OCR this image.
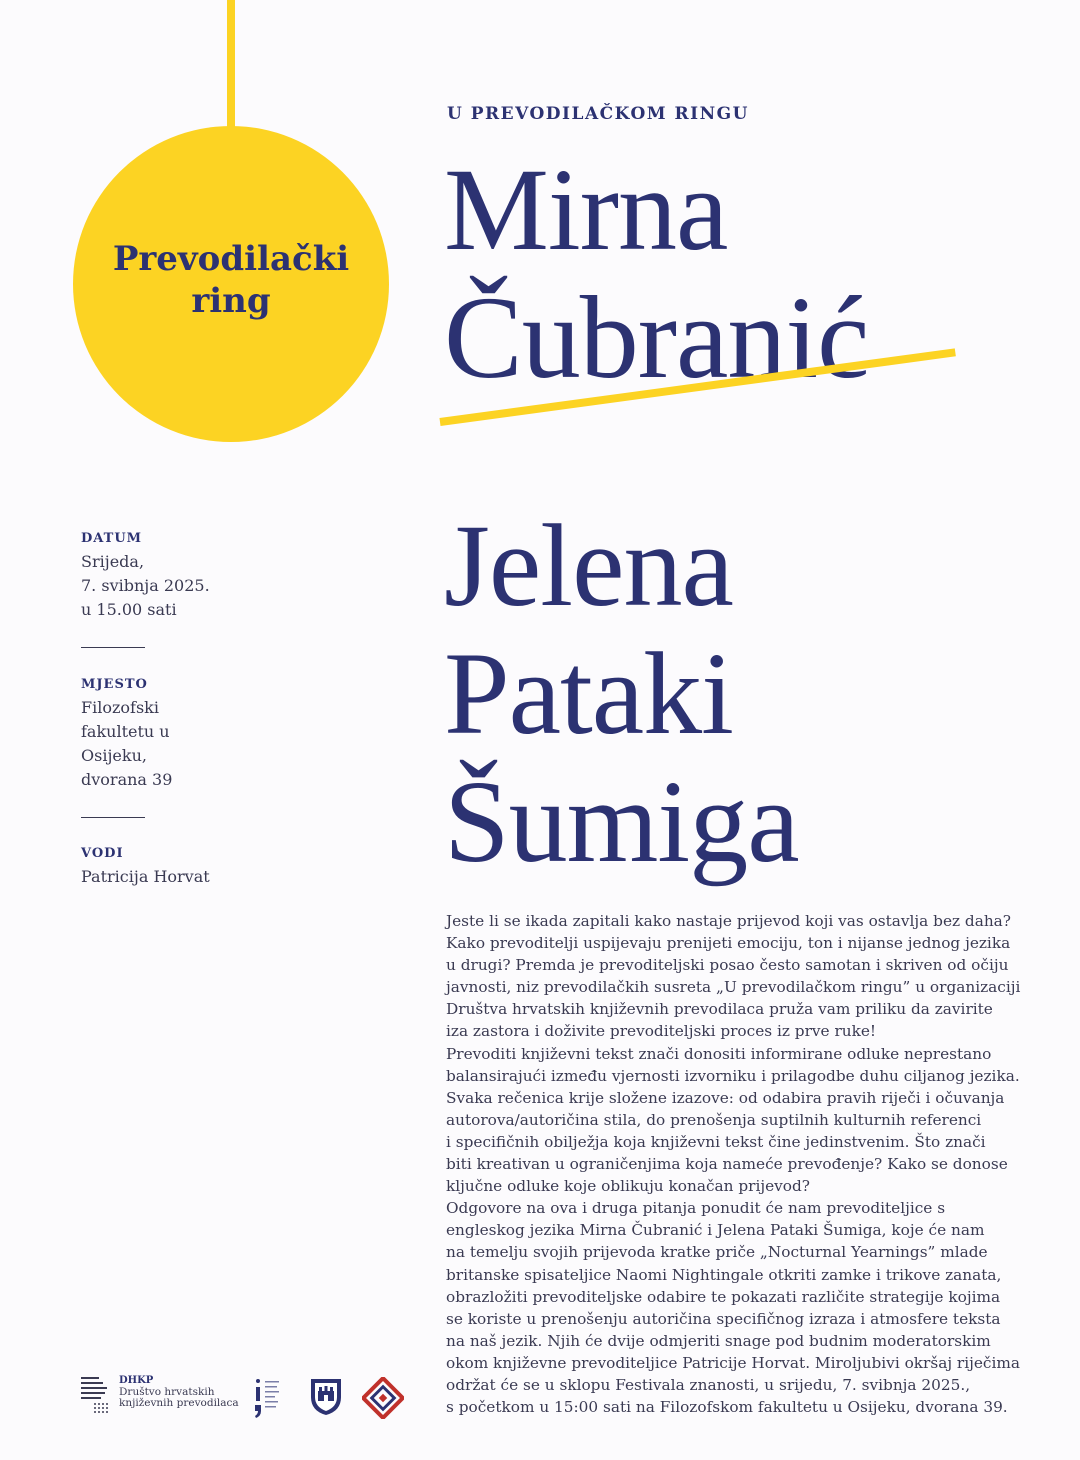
Prevodilački
ring
U PREVODILAČKOM RINGU
Mirna
Čubranić
Jelena
Pataki
Šumiga
DATUM
Srijeda,
7. svibnja 2025.
u 15.00 sati
MJESTO
Filozofski
fakultetu u
Osijeku,
dvorana 39
VODI
Patricija Horvat
Jeste li se ikada zapitali kako nastaje prijevod koji vas ostavlja bez daha?
Kako prevoditelji uspijevaju prenijeti emociju, ton i nijanse jednog jezika
u drugi? Premda je prevoditeljski posao često samotan i skriven od očiju
javnosti, niz prevodilačkih susreta „U prevodilačkom ringu” u organizaciji
Društva hrvatskih književnih prevodilaca pruža vam priliku da zavirite
iza zastora i doživite prevoditeljski proces iz prve ruke!
Prevoditi književni tekst znači donositi informirane odluke neprestano
balansirajući između vjernosti izvorniku i prilagodbe duhu ciljanog jezika.
Svaka rečenica krije složene izazove: od odabira pravih riječi i očuvanja
autorova/autoričina stila, do prenošenja suptilnih kulturnih referenci
i specifičnih obilježja koja književni tekst čine jedinstvenim. Što znači
biti kreativan u ograničenjima koja nameće prevođenje? Kako se donose
ključne odluke koje oblikuju konačan prijevod?
Odgovore na ova i druga pitanja ponudit će nam prevoditeljice s
engleskog jezika Mirna Čubranić i Jelena Pataki Šumiga, koje će nam
na temelju svojih prijevoda kratke priče „Nocturnal Yearnings” mlade
britanske spisateljice Naomi Nightingale otkriti zamke i trikove zanata,
obrazložiti prevoditeljske odabire te pokazati različite strategije kojima
se koriste u prenošenju autoričina specifičnog izraza i atmosfere teksta
na naš jezik. Njih će dvije odmjeriti snage pod budnim moderatorskim
okom književne prevoditeljice Patricije Horvat. Miroljubivi okršaj riječima
održat će se u sklopu Festivala znanosti, u srijedu, 7. svibnja 2025.,
s početkom u 15:00 sati na Filozofskom fakultetu u Osijeku, dvorana 39.
DHKP
Društvo hrvatskih
književnih prevodilaca
